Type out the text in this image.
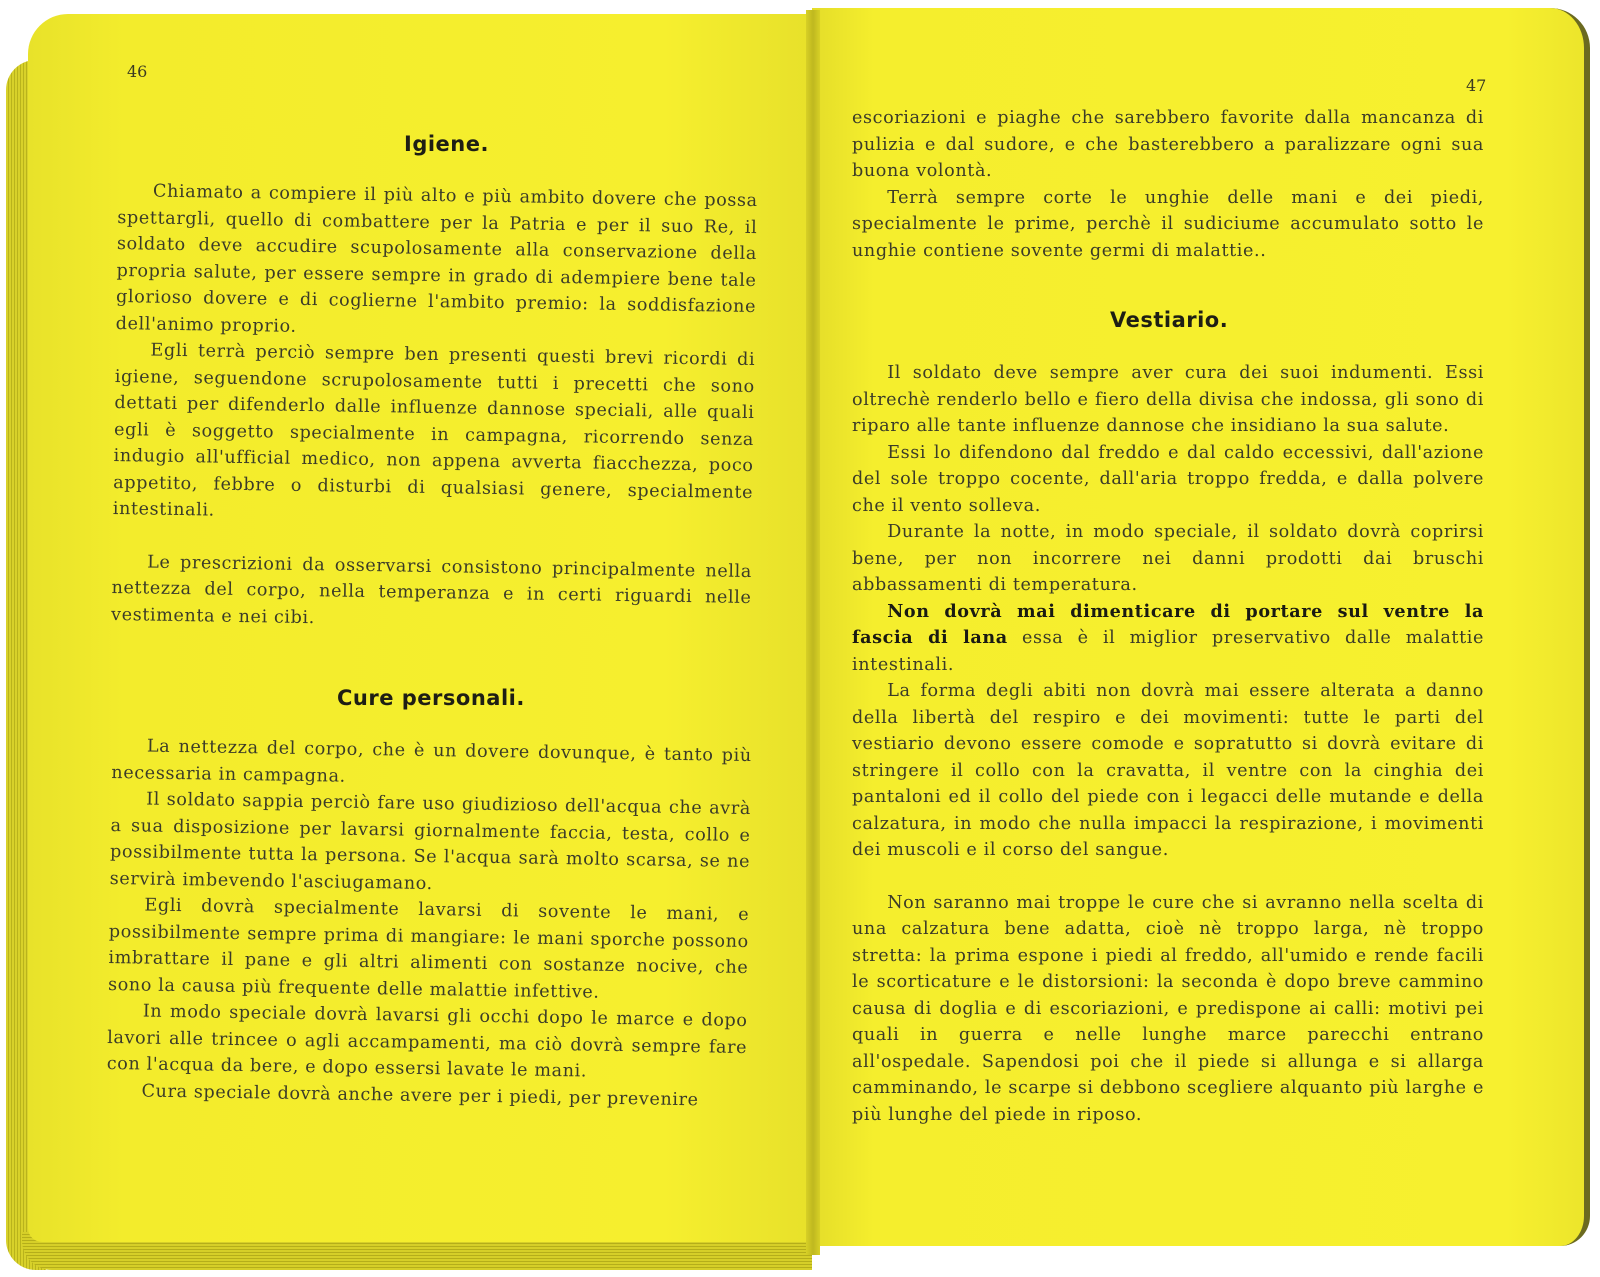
46
Igiene.

Chiamato a compiere il più alto e più ambito dovere che possa spettargli, quello di combattere per la Patria e per il suo Re, il soldato deve accudire scupolosamente alla conservazione della propria salute, per essere sempre in grado di adempiere bene tale glorioso dovere e di coglierne l'ambito premio: la soddisfazione dell'animo proprio.

Egli terrà perciò sempre ben presenti questi brevi ricordi di igiene, seguendone scrupolosamente tutti i precetti che sono dettati per difenderlo dalle influenze dannose speciali, alle quali egli è soggetto specialmente in campagna, ricorrendo senza indugio all'ufficial medico, non appena avverta fiacchezza, poco appetito, febbre o disturbi di qualsiasi genere, specialmente intestinali.

Le prescrizioni da osservarsi consistono principalmente nella nettezza del corpo, nella temperanza e in certi riguardi nelle vestimenta e nei cibi.

Cure personali.

La nettezza del corpo, che è un dovere dovunque, è tanto più necessaria in campagna.

Il soldato sappia perciò fare uso giudizioso dell'acqua che avrà a sua disposizione per lavarsi giornalmente faccia, testa, collo e possibilmente tutta la persona. Se l'acqua sarà molto scarsa, se ne servirà imbevendo l'asciugamano.

Egli dovrà specialmente lavarsi di sovente le mani, e possibilmente sempre prima di mangiare: le mani sporche possono imbrattare il pane e gli altri alimenti con sostanze nocive, che sono la causa più frequente delle malattie infettive.

In modo speciale dovrà lavarsi gli occhi dopo le marce e dopo lavori alle trincee o agli accampamenti, ma ciò dovrà sempre fare con l'acqua da bere, e dopo essersi lavate le mani.

Cura speciale dovrà anche avere per i piedi, per prevenire

47

escoriazioni e piaghe che sarebbero favorite dalla mancanza di pulizia e dal sudore, e che basterebbero a paralizzare ogni sua buona volontà.

Terrà sempre corte le unghie delle mani e dei piedi, specialmente le prime, perchè il sudiciume accumulato sotto le unghie contiene sovente germi di malattie..

Vestiario.

Il soldato deve sempre aver cura dei suoi indumenti. Essi oltrechè renderlo bello e fiero della divisa che indossa, gli sono di riparo alle tante influenze dannose che insidiano la sua salute.

Essi lo difendono dal freddo e dal caldo eccessivi, dall'azione del sole troppo cocente, dall'aria troppo fredda, e dalla polvere che il vento solleva.

Durante la notte, in modo speciale, il soldato dovrà coprirsi bene, per non incorrere nei danni prodotti dai bruschi abbassamenti di temperatura.

Non dovrà mai dimenticare di portare sul ventre la fascia di lana essa è il miglior preservativo dalle malattie intestinali.

La forma degli abiti non dovrà mai essere alterata a danno della libertà del respiro e dei movimenti: tutte le parti del vestiario devono essere comode e sopratutto si dovrà evitare di stringere il collo con la cravatta, il ventre con la cinghia dei pantaloni ed il collo del piede con i legacci delle mutande e della calzatura, in modo che nulla impacci la respirazione, i movimenti dei muscoli e il corso del sangue.

Non saranno mai troppe le cure che si avranno nella scelta di una calzatura bene adatta, cioè nè troppo larga, nè troppo stretta: la prima espone i piedi al freddo, all'umido e rende facili le scorticature e le distorsioni: la seconda è dopo breve cammino causa di doglia e di escoriazioni, e predispone ai calli: motivi pei quali in guerra e nelle lunghe marce parecchi entrano all'ospedale. Sapendosi poi che il piede si allunga e si allarga camminando, le scarpe si debbono scegliere alquanto più larghe e più lunghe del piede in riposo.
